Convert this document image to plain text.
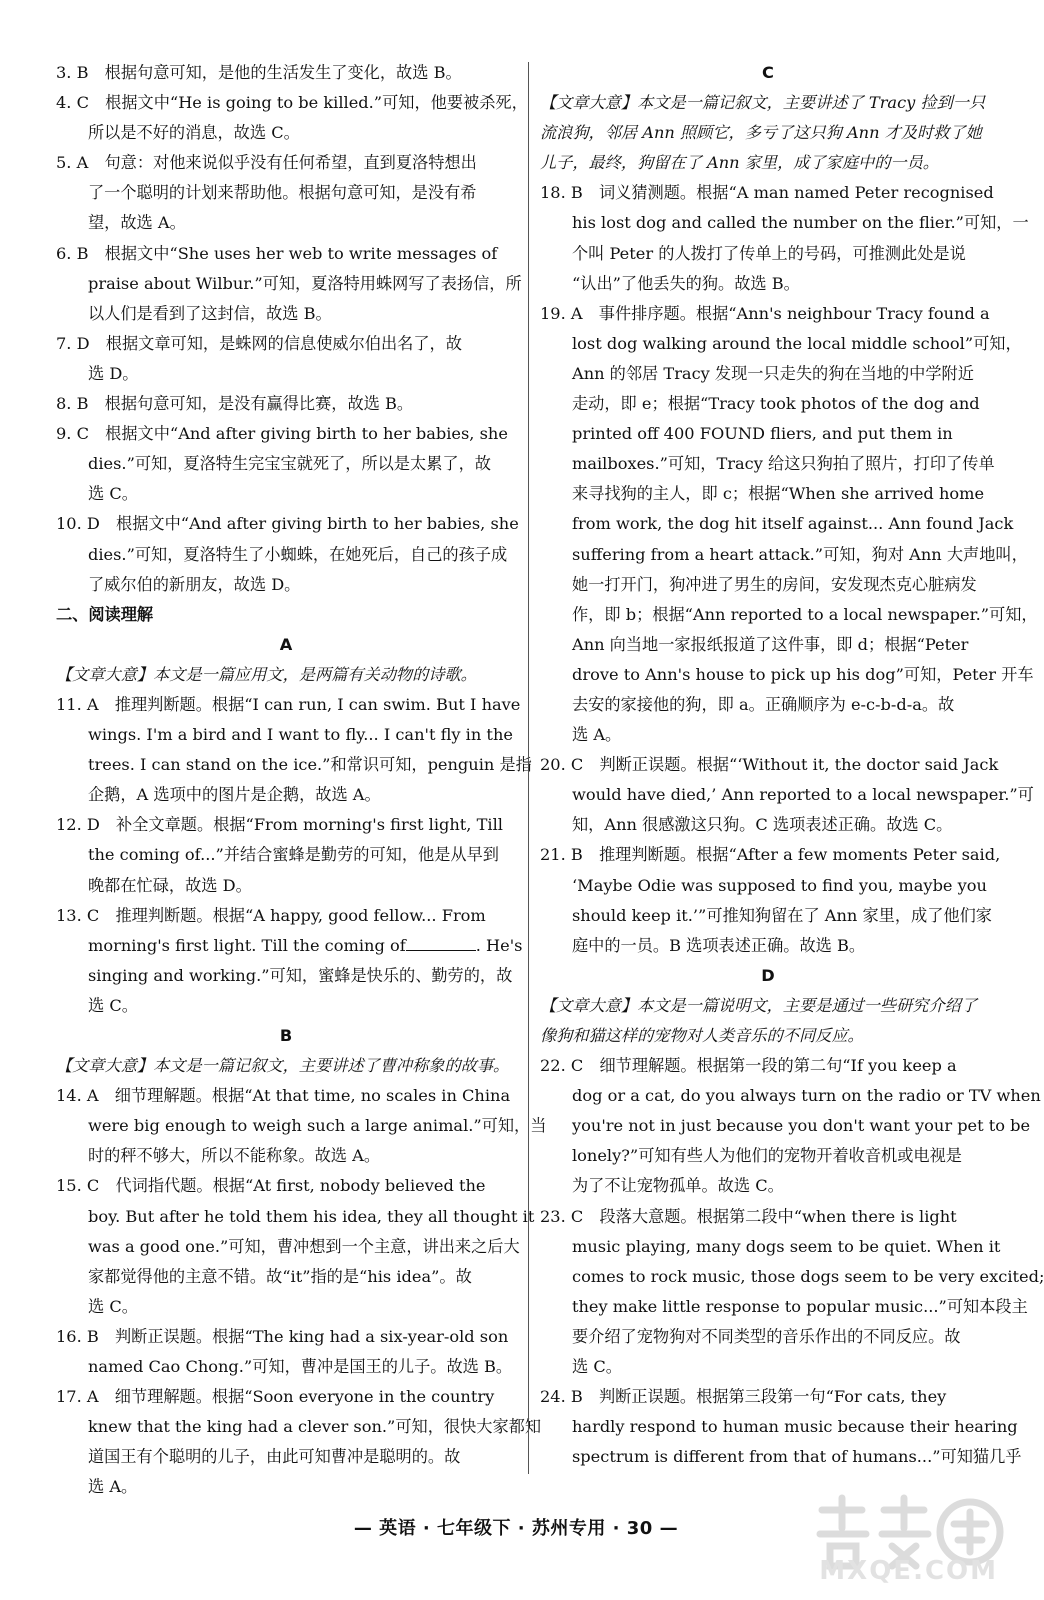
3. B　根据句意可知，是他的生活发生了变化，故选 B。
4. C　根据文中“He is going to be killed.”可知，他要被杀死，
所以是不好的消息，故选 C。
5. A　句意：对他来说似乎没有任何希望，直到夏洛特想出
了一个聪明的计划来帮助他。根据句意可知，是没有希
望，故选 A。
6. B　根据文中“She uses her web to write messages of
praise about Wilbur.”可知，夏洛特用蛛网写了表扬信，所
以人们是看到了这封信，故选 B。
7. D　根据文章可知，是蛛网的信息使威尔伯出名了，故
选 D。
8. B　根据句意可知，是没有赢得比赛，故选 B。
9. C　根据文中“And after giving birth to her babies, she
dies.”可知，夏洛特生完宝宝就死了，所以是太累了，故
选 C。
10. D　根据文中“And after giving birth to her babies, she
dies.”可知，夏洛特生了小蜘蛛，在她死后，自己的孩子成
了威尔伯的新朋友，故选 D。
二、阅读理解
A
【文章大意】本文是一篇应用文，是两篇有关动物的诗歌。
11. A　推理判断题。根据“I can run, I can swim. But I have
wings. I'm a bird and I want to fly... I can't fly in the
trees. I can stand on the ice.”和常识可知，penguin 是指
企鹅，A 选项中的图片是企鹅，故选 A。
12. D　补全文章题。根据“From morning's first light, Till
the coming of...”并结合蜜蜂是勤劳的可知，他是从早到
晚都在忙碌，故选 D。
13. C　推理判断题。根据“A happy, good fellow... From
morning's first light. Till the coming of	. He's
singing and working.”可知，蜜蜂是快乐的、勤劳的，故
选 C。
B
【文章大意】本文是一篇记叙文，主要讲述了曹冲称象的故事。
14. A　细节理解题。根据“At that time, no scales in China
were big enough to weigh such a large animal.”可知，当
时的秤不够大，所以不能称象。故选 A。
15. C　代词指代题。根据“At first, nobody believed the
boy. But after he told them his idea, they all thought it
was a good one.”可知，曹冲想到一个主意，讲出来之后大
家都觉得他的主意不错。故“it”指的是“his idea”。故
选 C。
16. B　判断正误题。根据“The king had a six-year-old son
named Cao Chong.”可知，曹冲是国王的儿子。故选 B。
17. A　细节理解题。根据“Soon everyone in the country
knew that the king had a clever son.”可知，很快大家都知
道国王有个聪明的儿子，由此可知曹冲是聪明的。故
选 A。
C
【文章大意】本文是一篇记叙文，主要讲述了 Tracy 捡到一只
流浪狗，邻居 Ann 照顾它，多亏了这只狗 Ann 才及时救了她
儿子，最终，狗留在了 Ann 家里，成了家庭中的一员。
18. B　词义猜测题。根据“A man named Peter recognised
his lost dog and called the number on the flier.”可知，一
个叫 Peter 的人拨打了传单上的号码，可推测此处是说
“认出”了他丢失的狗。故选 B。
19. A　事件排序题。根据“Ann's neighbour Tracy found a
lost dog walking around the local middle school”可知，
Ann 的邻居 Tracy 发现一只走失的狗在当地的中学附近
走动，即 e；根据“Tracy took photos of the dog and
printed off 400 FOUND fliers, and put them in
mailboxes.”可知，Tracy 给这只狗拍了照片，打印了传单
来寻找狗的主人，即 c；根据“When she arrived home
from work, the dog hit itself against... Ann found Jack
suffering from a heart attack.”可知，狗对 Ann 大声地叫，
她一打开门，狗冲进了男生的房间，安发现杰克心脏病发
作，即 b；根据“Ann reported to a local newspaper.”可知，
Ann 向当地一家报纸报道了这件事，即 d；根据“Peter
drove to Ann's house to pick up his dog”可知，Peter 开车
去安的家接他的狗，即 a。正确顺序为 e-c-b-d-a。故
选 A。
20. C　判断正误题。根据“‘Without it, the doctor said Jack
would have died,’ Ann reported to a local newspaper.”可
知，Ann 很感激这只狗。C 选项表述正确。故选 C。
21. B　推理判断题。根据“After a few moments Peter said,
‘Maybe Odie was supposed to find you, maybe you
should keep it.’”可推知狗留在了 Ann 家里，成了他们家
庭中的一员。B 选项表述正确。故选 B。
D
【文章大意】本文是一篇说明文，主要是通过一些研究介绍了
像狗和猫这样的宠物对人类音乐的不同反应。
22. C　细节理解题。根据第一段的第二句“If you keep a
dog or a cat, do you always turn on the radio or TV when
you're not in just because you don't want your pet to be
lonely?”可知有些人为他们的宠物开着收音机或电视是
为了不让宠物孤单。故选 C。
23. C　段落大意题。根据第二段中“when there is light
music playing, many dogs seem to be quiet. When it
comes to rock music, those dogs seem to be very excited;
they make little response to popular music...”可知本段主
要介绍了宠物狗对不同类型的音乐作出的不同反应。故
选 C。
24. B　判断正误题。根据第三段第一句“For cats, they
hardly respond to human music because their hearing
spectrum is different from that of humans...”可知猫几乎
— 英语 · 七年级下 · 苏州专用 · 30 —
MXQE.COM
